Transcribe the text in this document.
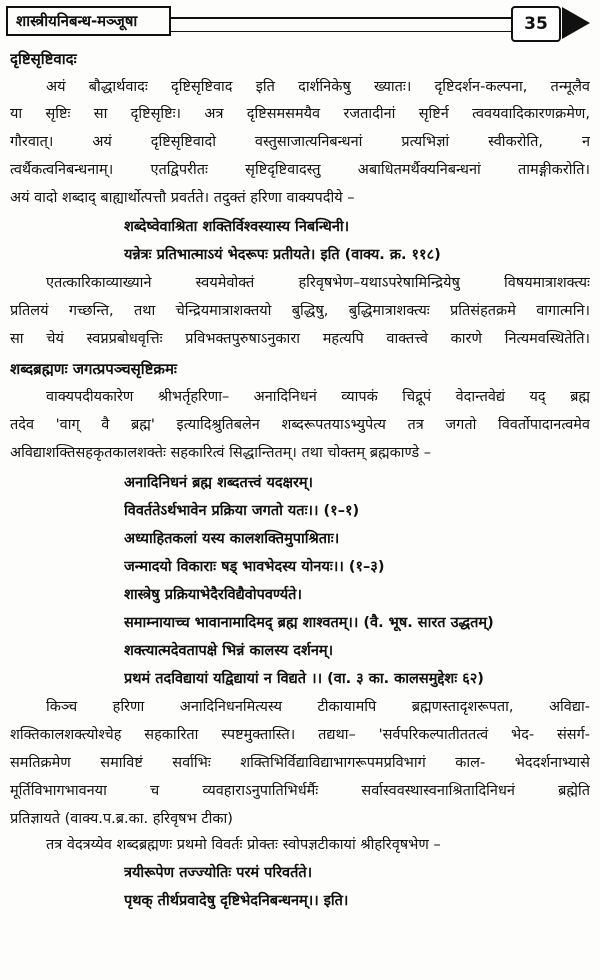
शास्त्रीयनिबन्ध-मञ्जूषा	35
दृष्टिसृष्टिवादः
अयं बौद्धार्थवादः दृष्टिसृष्टिवाद इति दार्शनिकेषु ख्यातः। दृष्टिदर्शन-कल्पना, तन्मूलैव
या सृष्टिः सा दृष्टिसृष्टिः। अत्र दृष्टिसमसमयैव रजतादीनां सृष्टिर्न त्ववयवादिकारणक्रमेण,
गौरवात्। अयं दृष्टिसृष्टिवादो वस्तुसाजात्यनिबन्धनां प्रत्यभिज्ञां स्वीकरोति, न
त्वर्थैकत्वनिबन्धनाम्। एतद्विपरीतः सृष्टिदृष्टिवादस्तु अबाधितमर्थैक्यनिबन्धनां तामङ्गीकरोति।
अयं वादो शब्दाद् बाह्यार्थोत्पत्तौ प्रवर्तते। तदुक्तं हरिणा वाक्यपदीये –
शब्देष्वेवाश्रिता शक्तिर्विश्वस्यास्य निबन्धिनी।
यन्नेत्रः प्रतिभात्माऽयं भेदरूपः प्रतीयते। इति (वाक्य. क्र. ११८)
एतत्कारिकाव्याख्याने स्वयमेवोक्तं हरिवृषभेण–यथाऽपरेषामिन्द्रियेषु विषयमात्राशक्त्यः
प्रतिलयं गच्छन्ति, तथा चेन्द्रियमात्राशक्तयो बुद्धिषु, बुद्धिमात्राशक्त्यः प्रतिसंहतक्रमे वागात्मनि।
सा चेयं स्वप्नप्रबोधवृत्तिः प्रविभक्तपुरुषाऽनुकारा महत्यपि वाक्तत्त्वे कारणे नित्यमवस्थितेति।
शब्दब्रह्मणः जगत्प्रपञ्चसृष्टिक्रमः
वाक्यपदीयकारेण श्रीभर्तृहरिणा– अनादिनिधनं व्यापकं चिद्रूपं वेदान्तवेद्यं यद् ब्रह्म
तदेव 'वाग् वै ब्रह्म' इत्यादिश्रुतिबलेन शब्दरूपतयाऽभ्युपेत्य तत्र जगतो विवर्तोपादानत्वमेव
अविद्याशक्तिसहकृतकालशक्तेः सहकारित्वं सिद्धान्तितम्। तथा चोक्तम् ब्रह्मकाण्डे –
अनादिनिधनं ब्रह्म शब्दतत्त्वं यदक्षरम्।
विवर्ततेऽर्थभावेन प्रक्रिया जगतो यतः।। (१–१)
अध्याहितकलां यस्य कालशक्तिमुपाश्रिताः।
जन्मादयो विकाराः षड् भावभेदस्य योनयः।। (१–३)
शास्त्रेषु प्रक्रियाभेदैरविद्यैवोपवर्ण्यते।
समाम्नायाच्च भावानामादिमद् ब्रह्म शाश्वतम्।। (वै. भूष. सारत उद्धतम्)
शक्त्यात्मदेवतापक्षे भिन्नं कालस्य दर्शनम्।
प्रथमं तदविद्यायां यद्विद्यायां न विद्यते ।। (वा. ३ का. कालसमुद्देशः ६२)
किञ्च हरिणा अनादिनिधनमित्यस्य टीकायामपि ब्रह्मणस्तादृशरूपता, अविद्या-
शक्तिकालशक्त्योश्चेह सहकारिता स्पष्टमुक्तास्ति। तद्यथा– 'सर्वपरिकल्पातीततत्वं भेद- संसर्ग-
समतिक्रमेण समाविष्टं सर्वाभिः शक्तिभिर्विद्याविद्याभागरूपमप्रविभागं काल- भेददर्शनाभ्यासे
मूर्तिविभागभावनया च व्यवहाराऽनुपातिभिर्धर्मैः सर्वास्ववस्थास्वनाश्रितादिनिधनं ब्रह्मेति
प्रतिज्ञायते (वाक्य.प.ब्र.का. हरिवृषभ टीका)
तत्र वेदत्रय्येव शब्दब्रह्मणः प्रथमो विवर्तः प्रोक्तः स्वोपज्ञटीकायां श्रीहरिवृषभेण –
त्रयीरूपेण तज्ज्योतिः परमं परिवर्तते।
पृथक् तीर्थप्रवादेषु दृष्टिभेदनिबन्धनम्।। इति।
